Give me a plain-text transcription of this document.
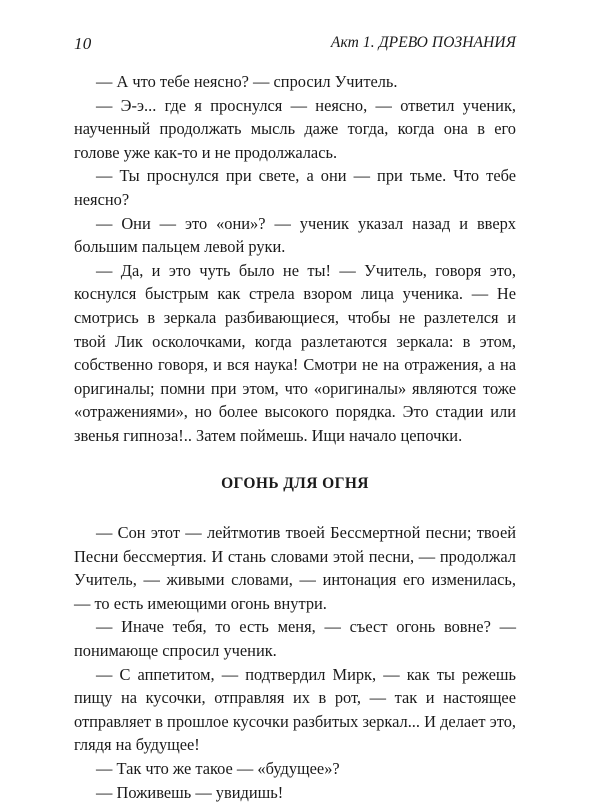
10	Акт 1. ДРЕВО ПОЗНАНИЯ

— А что тебе неясно? — спросил Учитель.

— Э-э... где я проснулся — неясно, — ответил ученик, наученный продолжать мысль даже тогда, когда она в его голове уже как-то и не продолжалась.

— Ты проснулся при свете, а они — при тьме. Что тебе неясно?

— Они — это «они»? — ученик указал назад и вверх большим пальцем левой руки.

— Да, и это чуть было не ты! — Учитель, говоря это, коснулся быстрым как стрела взором лица ученика. — Не смотрись в зеркала разбивающиеся, чтобы не разлетелся и твой Лик осколочками, когда разлетаются зеркала: в этом, собственно говоря, и вся наука! Смотри не на отражения, а на оригиналы; помни при этом, что «оригиналы» являются тоже «отражениями», но более высокого порядка. Это стадии или звенья гипноза!.. Затем поймешь. Ищи начало цепочки.

ОГОНЬ ДЛЯ ОГНЯ

— Сон этот — лейтмотив твоей Бессмертной песни; твоей Песни бессмертия. И стань словами этой песни, — продолжал Учитель, — живыми словами, — интонация его изменилась, — то есть имеющими огонь внутри.

— Иначе тебя, то есть меня, — съест огонь вовне? — понимающе спросил ученик.

— С аппетитом, — подтвердил Мирк, — как ты режешь пищу на кусочки, отправляя их в рот, — так и настоящее отправляет в прошлое кусочки разбитых зеркал... И делает это, глядя на будущее!

— Так что же такое — «будущее»?

— Поживешь — увидишь!
